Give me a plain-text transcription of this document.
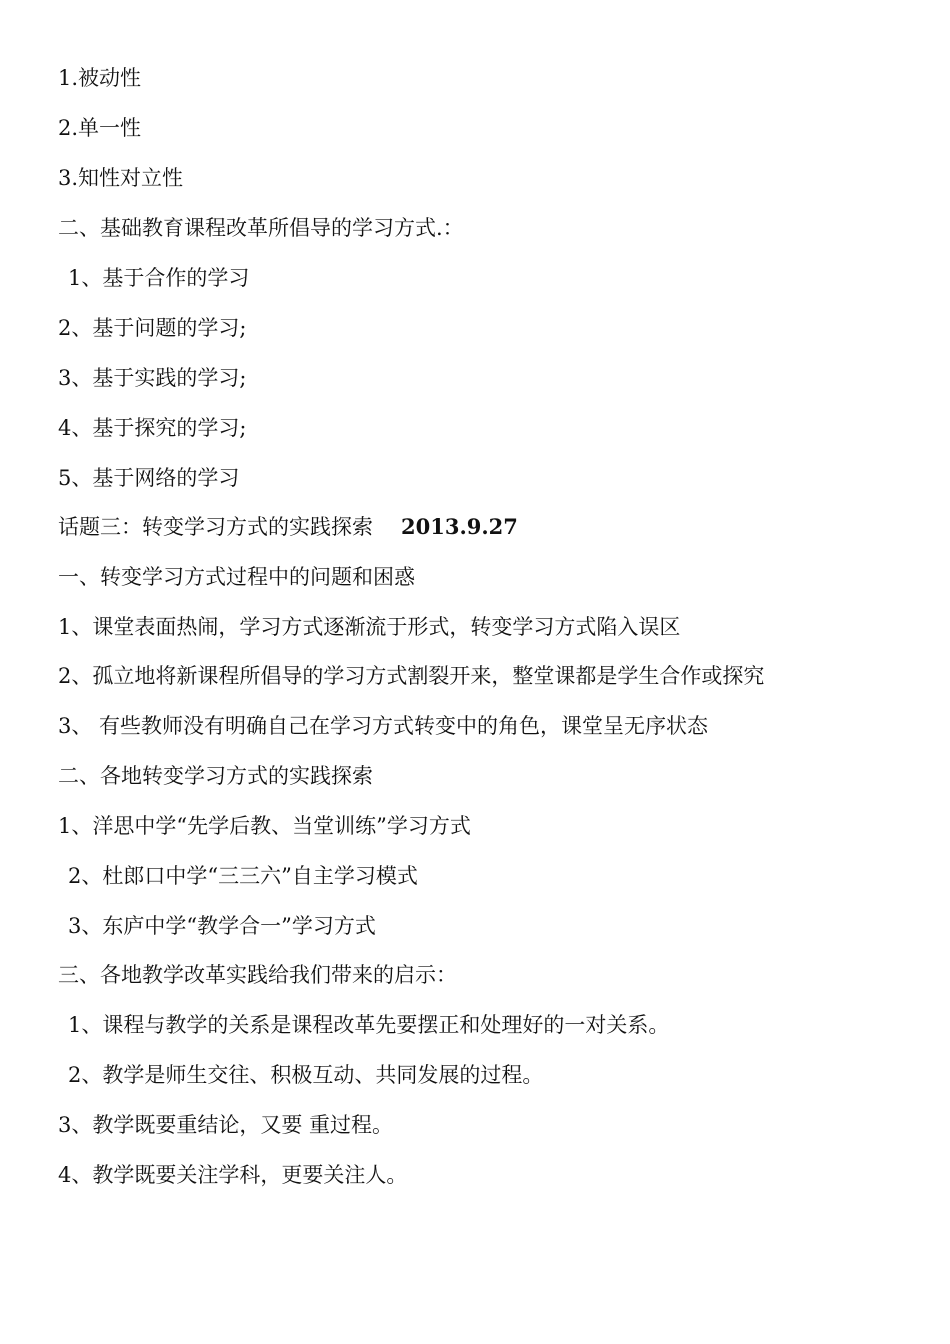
1.被动性
2.单一性
3.知性对立性
二、基础教育课程改革所倡导的学习方式.：
1、基于合作的学习
2、基于问题的学习;
3、基于实践的学习;
4、基于探究的学习;
5、基于网络的学习
话题三：转变学习方式的实践探索 2013.9.27
一、转变学习方式过程中的问题和困惑
1、课堂表面热闹，学习方式逐渐流于形式，转变学习方式陷入误区
2、孤立地将新课程所倡导的学习方式割裂开来，整堂课都是学生合作或探究
3、 有些教师没有明确自己在学习方式转变中的角色，课堂呈无序状态
二、各地转变学习方式的实践探索
1、洋思中学“先学后教、当堂训练”学习方式
2、杜郎口中学“三三六”自主学习模式
3、东庐中学“教学合一”学习方式
三、各地教学改革实践给我们带来的启示：
1、课程与教学的关系是课程改革先要摆正和处理好的一对关系。
2、教学是师生交往、积极互动、共同发展的过程。
3、教学既要重结论，又要 重过程。
4、教学既要关注学科，更要关注人。
